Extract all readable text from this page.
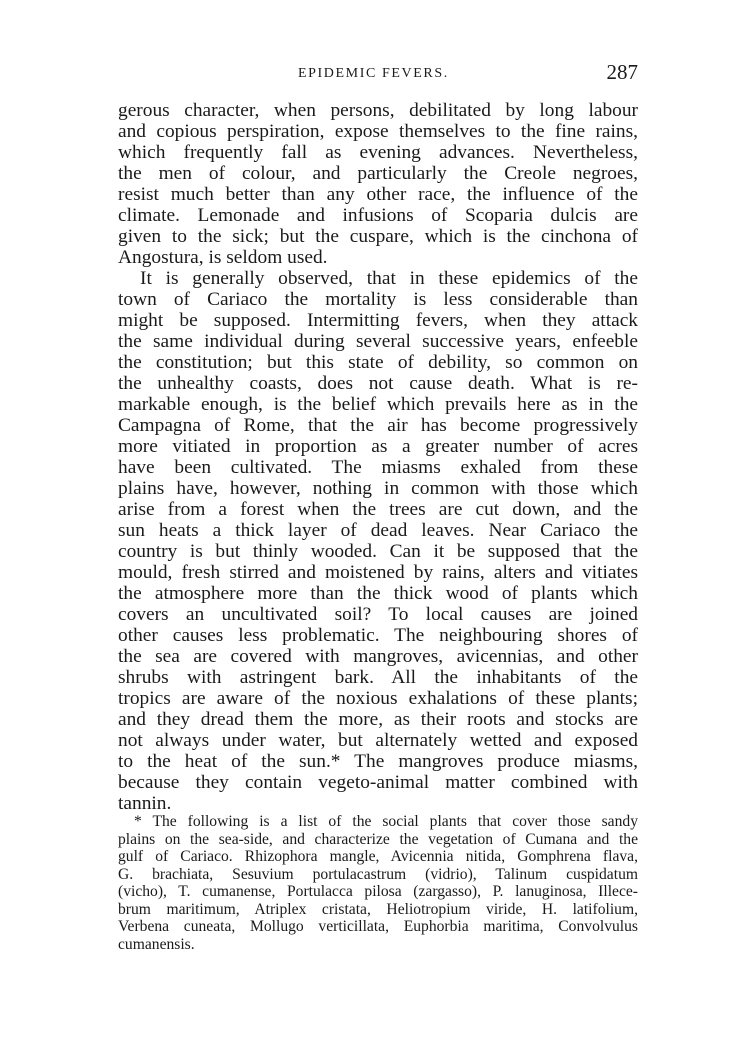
EPIDEMIC FEVERS.	287
gerous character, when persons, debilitated by long labour
and copious perspiration, expose themselves to the fine rains,
which frequently fall as evening advances. Nevertheless,
the men of colour, and particularly the Creole negroes,
resist much better than any other race, the influence of the
climate. Lemonade and infusions of Scoparia dulcis are
given to the sick; but the cuspare, which is the cinchona of
Angostura, is seldom used.
It is generally observed, that in these epidemics of the
town of Cariaco the mortality is less considerable than
might be supposed. Intermitting fevers, when they attack
the same individual during several successive years, enfeeble
the constitution; but this state of debility, so common on
the unhealthy coasts, does not cause death. What is re-
markable enough, is the belief which prevails here as in the
Campagna of Rome, that the air has become progressively
more vitiated in proportion as a greater number of acres
have been cultivated. The miasms exhaled from these
plains have, however, nothing in common with those which
arise from a forest when the trees are cut down, and the
sun heats a thick layer of dead leaves. Near Cariaco the
country is but thinly wooded. Can it be supposed that the
mould, fresh stirred and moistened by rains, alters and vitiates
the atmosphere more than the thick wood of plants which
covers an uncultivated soil? To local causes are joined
other causes less problematic. The neighbouring shores of
the sea are covered with mangroves, avicennias, and other
shrubs with astringent bark. All the inhabitants of the
tropics are aware of the noxious exhalations of these plants;
and they dread them the more, as their roots and stocks are
not always under water, but alternately wetted and exposed
to the heat of the sun.* The mangroves produce miasms,
because they contain vegeto-animal matter combined with
tannin.
* The following is a list of the social plants that cover those sandy
plains on the sea-side, and characterize the vegetation of Cumana and the
gulf of Cariaco. Rhizophora mangle, Avicennia nitida, Gomphrena flava,
G. brachiata, Sesuvium portulacastrum (vidrio), Talinum cuspidatum
(vicho), T. cumanense, Portulacca pilosa (zargasso), P. lanuginosa, Illece-
brum maritimum, Atriplex cristata, Heliotropium viride, H. latifolium,
Verbena cuneata, Mollugo verticillata, Euphorbia maritima, Convolvulus
cumanensis.
